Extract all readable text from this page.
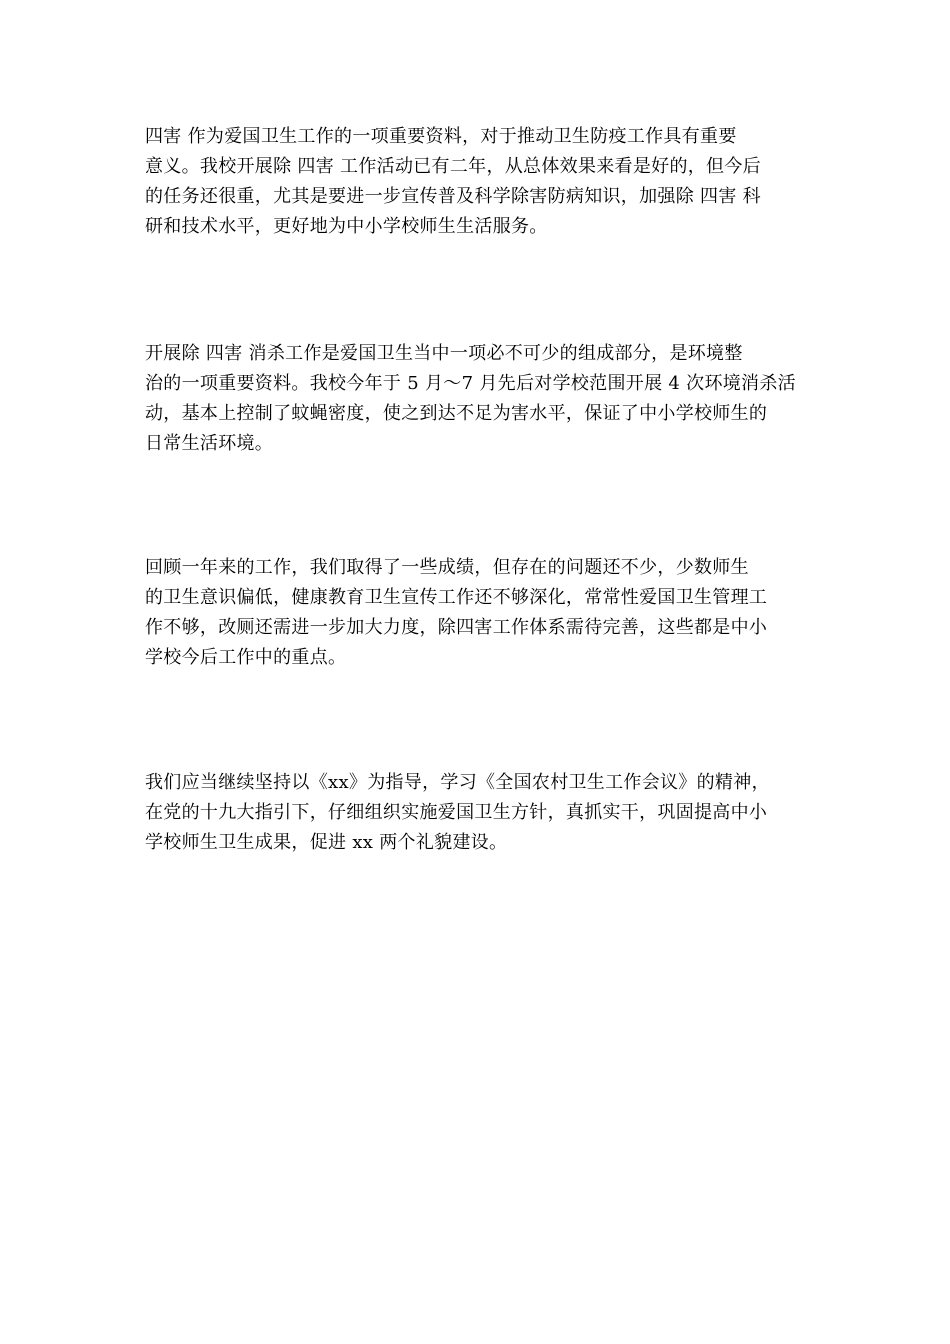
四害 作为爱国卫生工作的一项重要资料，对于推动卫生防疫工作具有重要
意义。我校开展除 四害 工作活动已有二年，从总体效果来看是好的，但今后
的任务还很重，尤其是要进一步宣传普及科学除害防病知识，加强除 四害 科
研和技术水平，更好地为中小学校师生生活服务。

开展除 四害 消杀工作是爱国卫生当中一项必不可少的组成部分，是环境整
治的一项重要资料。我校今年于 5 月～7 月先后对学校范围开展 4 次环境消杀活
动，基本上控制了蚊蝇密度，使之到达不足为害水平，保证了中小学校师生的
日常生活环境。

回顾一年来的工作，我们取得了一些成绩，但存在的问题还不少，少数师生
的卫生意识偏低，健康教育卫生宣传工作还不够深化，常常性爱国卫生管理工
作不够，改厕还需进一步加大力度，除四害工作体系需待完善，这些都是中小
学校今后工作中的重点。

我们应当继续坚持以《xx》为指导，学习《全国农村卫生工作会议》的精神，
在党的十九大指引下，仔细组织实施爱国卫生方针，真抓实干，巩固提高中小
学校师生卫生成果，促进 xx 两个礼貌建设。
